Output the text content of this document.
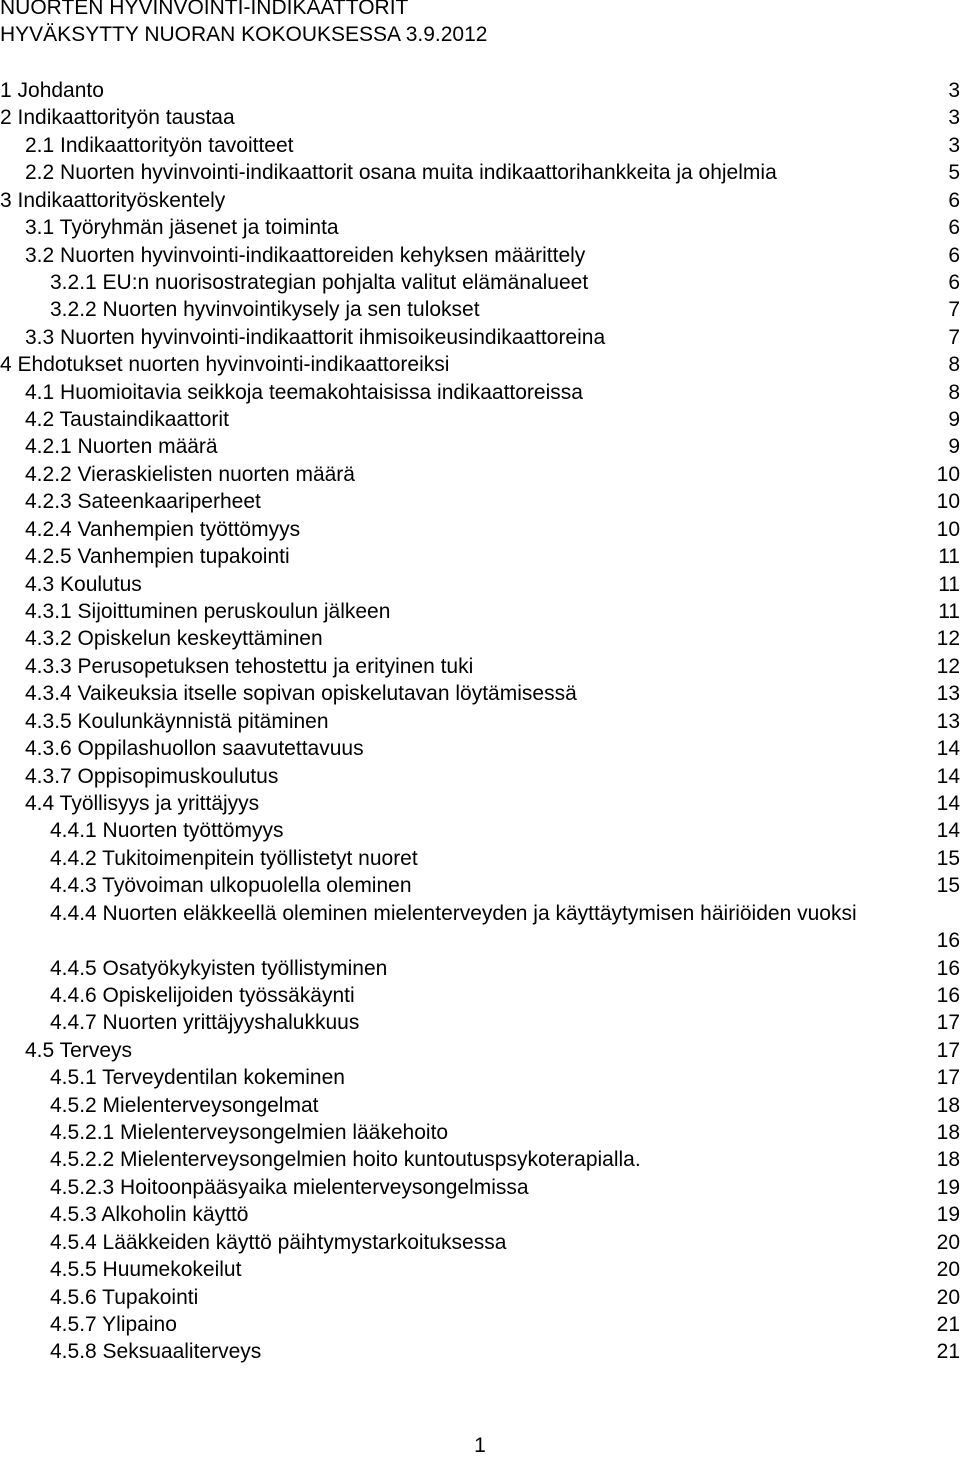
NUORTEN HYVINVOINTI-INDIKAATTORIT
HYVÄKSYTTY NUORAN KOKOUKSESSA 3.9.2012
1 Johdanto	3
2 Indikaattorityön taustaa	3
2.1 Indikaattorityön tavoitteet	3
2.2 Nuorten hyvinvointi-indikaattorit osana muita indikaattorihankkeita ja ohjelmia	5
3 Indikaattorityöskentely	6
3.1 Työryhmän jäsenet ja toiminta	6
3.2 Nuorten hyvinvointi-indikaattoreiden kehyksen määrittely	6
3.2.1 EU:n nuorisostrategian pohjalta valitut elämänalueet	6
3.2.2 Nuorten hyvinvointikysely ja sen tulokset	7
3.3 Nuorten hyvinvointi-indikaattorit ihmisoikeusindikaattoreina	7
4 Ehdotukset nuorten hyvinvointi-indikaattoreiksi	8
4.1 Huomioitavia seikkoja teemakohtaisissa indikaattoreissa	8
4.2 Taustaindikaattorit	9
4.2.1 Nuorten määrä	9
4.2.2 Vieraskielisten nuorten määrä	10
4.2.3 Sateenkaariperheet	10
4.2.4 Vanhempien työttömyys	10
4.2.5 Vanhempien tupakointi	11
4.3 Koulutus	11
4.3.1 Sijoittuminen peruskoulun jälkeen	11
4.3.2 Opiskelun keskeyttäminen	12
4.3.3 Perusopetuksen tehostettu ja erityinen tuki	12
4.3.4 Vaikeuksia itselle sopivan opiskelutavan löytämisessä	13
4.3.5 Koulunkäynnistä pitäminen	13
4.3.6 Oppilashuollon saavutettavuus	14
4.3.7 Oppisopimuskoulutus	14
4.4 Työllisyys ja yrittäjyys	14
4.4.1 Nuorten työttömyys	14
4.4.2 Tukitoimenpitein työllistetyt nuoret	15
4.4.3 Työvoiman ulkopuolella oleminen	15
4.4.4 Nuorten eläkkeellä oleminen mielenterveyden ja käyttäytymisen häiriöiden vuoksi
16
4.4.5 Osatyökykyisten työllistyminen	16
4.4.6 Opiskelijoiden työssäkäynti	16
4.4.7 Nuorten yrittäjyyshalukkuus	17
4.5 Terveys	17
4.5.1 Terveydentilan kokeminen	17
4.5.2 Mielenterveysongelmat	18
4.5.2.1 Mielenterveysongelmien lääkehoito	18
4.5.2.2 Mielenterveysongelmien hoito kuntoutuspsykoterapialla.	18
4.5.2.3 Hoitoonpääsyaika mielenterveysongelmissa	19
4.5.3 Alkoholin käyttö	19
4.5.4 Lääkkeiden käyttö päihtymystarkoituksessa	20
4.5.5 Huumekokeilut	20
4.5.6 Tupakointi	20
4.5.7 Ylipaino	21
4.5.8 Seksuaaliterveys	21
1
